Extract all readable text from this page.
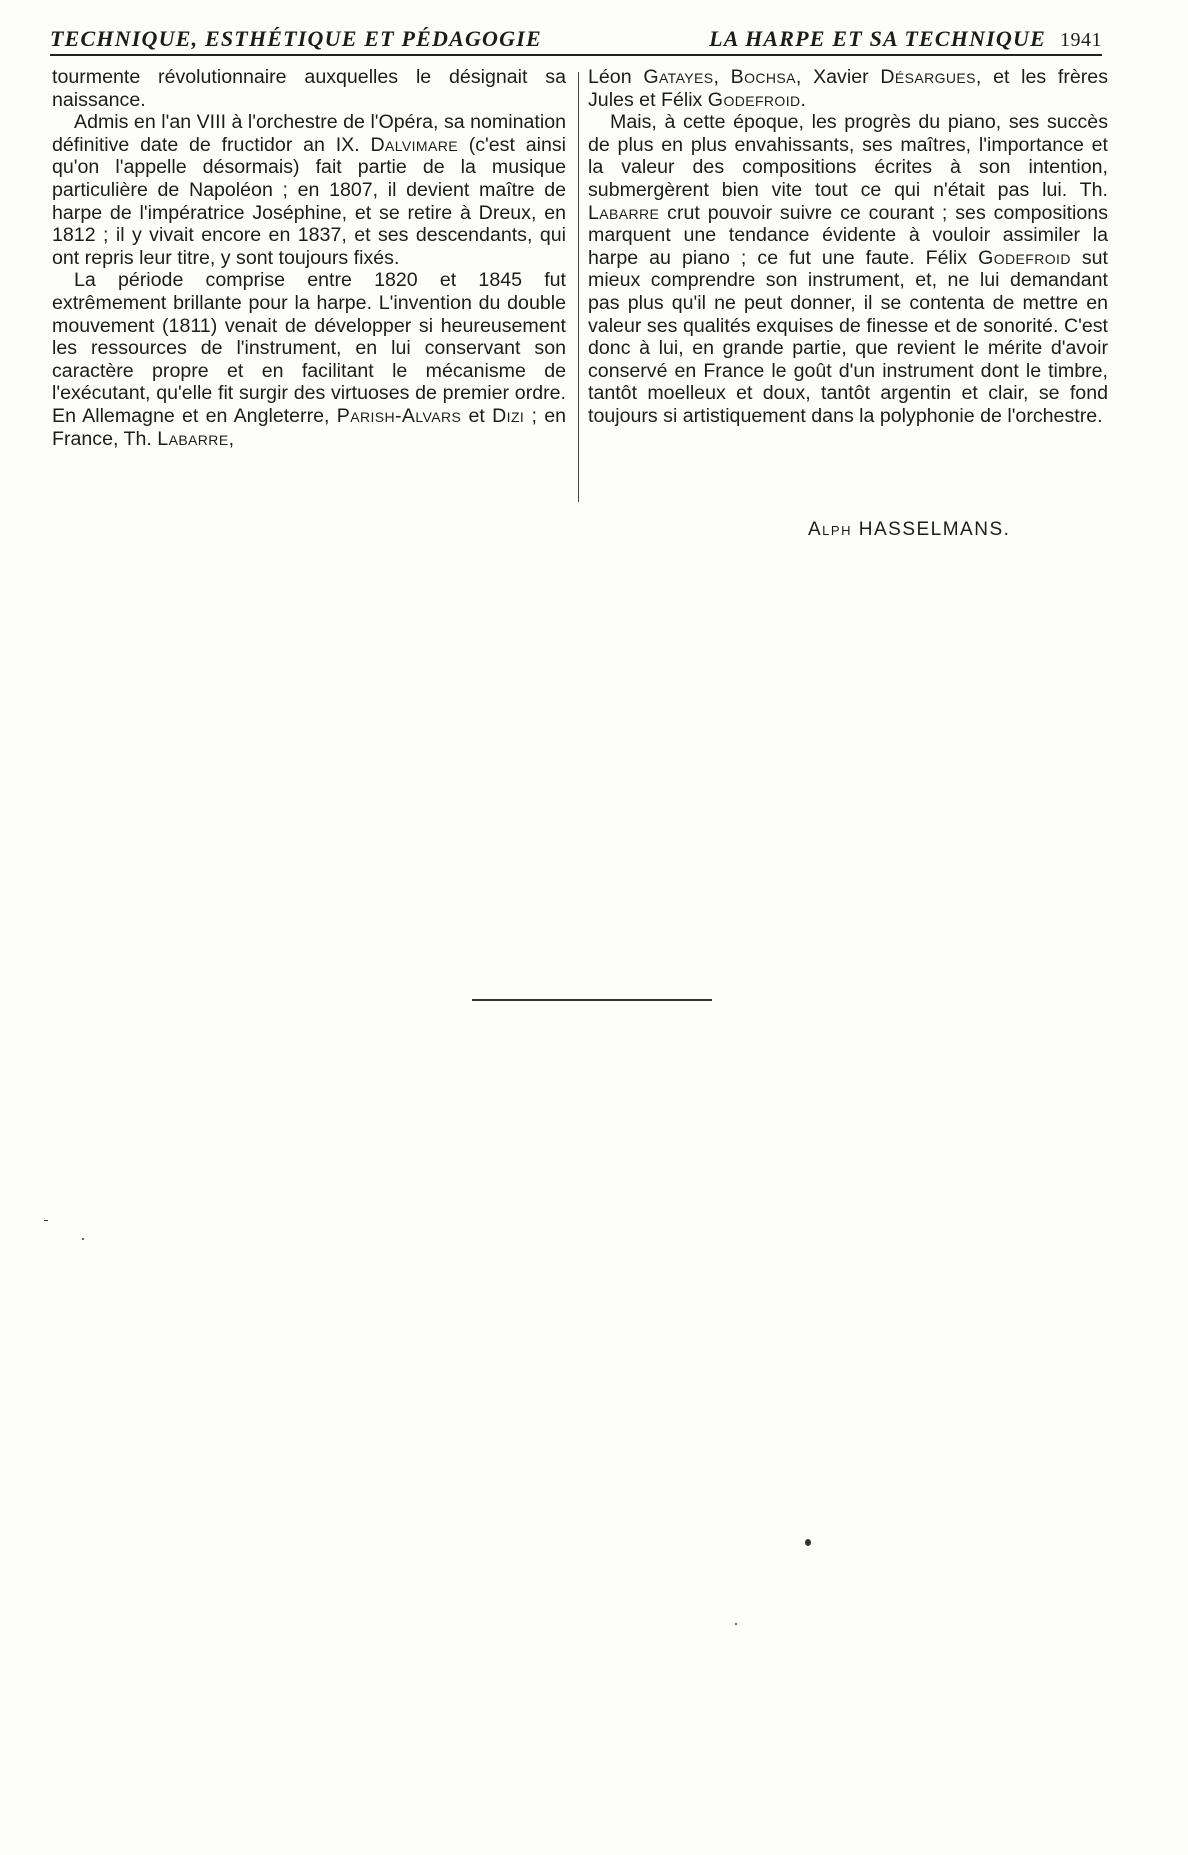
TECHNIQUE, ESTHÉTIQUE ET PÉDAGOGIE	LA HARPE ET SA TECHNIQUE 1941

tourmente révolutionnaire auxquelles le désignait sa naissance.

Admis en l'an VIII à l'orchestre de l'Opéra, sa nomination définitive date de fructidor an IX. Dalvimare (c'est ainsi qu'on l'appelle désormais) fait partie de la musique particulière de Napoléon ; en 1807, il devient maître de harpe de l'impératrice Joséphine, et se retire à Dreux, en 1812 ; il y vivait encore en 1837, et ses descendants, qui ont repris leur titre, y sont toujours fixés.

La période comprise entre 1820 et 1845 fut extrêmement brillante pour la harpe. L'invention du double mouvement (1811) venait de développer si heureusement les ressources de l'instrument, en lui conservant son caractère propre et en facilitant le mécanisme de l'exécutant, qu'elle fit surgir des virtuoses de premier ordre. En Allemagne et en Angleterre, Parish-Alvars et Dizi ; en France, Th. Labarre,

Léon Gatayes, Bochsa, Xavier Désargues, et les frères Jules et Félix Godefroid.

Mais, à cette époque, les progrès du piano, ses succès de plus en plus envahissants, ses maîtres, l'importance et la valeur des compositions écrites à son intention, submergèrent bien vite tout ce qui n'était pas lui. Th. Labarre crut pouvoir suivre ce courant ; ses compositions marquent une tendance évidente à vouloir assimiler la harpe au piano ; ce fut une faute. Félix Godefroid sut mieux comprendre son instrument, et, ne lui demandant pas plus qu'il ne peut donner, il se contenta de mettre en valeur ses qualités exquises de finesse et de sonorité. C'est donc à lui, en grande partie, que revient le mérite d'avoir conservé en France le goût d'un instrument dont le timbre, tantôt moelleux et doux, tantôt argentin et clair, se fond toujours si artistiquement dans la polyphonie de l'orchestre.

Alph HASSELMANS.
